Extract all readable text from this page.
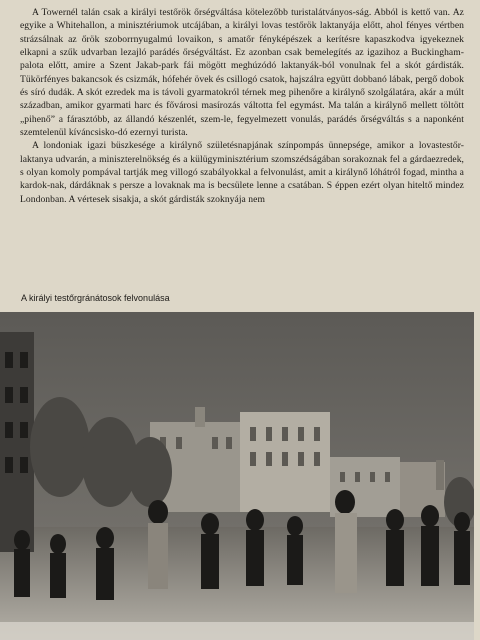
A Towernél talán csak a királyi testőrök őrségváltása kötelezőbb turistalátványos-ság. Abból is kettő van. Az egyike a Whitehallon, a minisztériumok utcájában, a királyi lovas testőrök laktanyája előtt, ahol fényes vértben strázsálnak az őrök szoborrnyugalmú lovaikon, s amatőr fényképészek a kerítésre kapaszkodva igyekeznek elkapni a szűk udvarban lezajló parádés őrségváltást. Ez azonban csak bemelegítés az igazihoz a Buckingham-palota előtt, amire a Szent Jakab-park fái mögött meghúzódó laktanyák-ból vonulnak fel a skót gárdisták. Tükörfényes bakancsok és csizmák, hófehér övek és csillogó csatok, hajszálra együtt dobbanó lábak, pergő dobok és síró dudák. A skót ezredek ma is távoli gyarmatokról térnek meg pihenőre a királynő szolgálatára, akár a múlt században, amikor gyarmati harc és fővárosi masírozás váltotta fel egymást. Ma talán a királynő mellett töltött „pihenő” a fárasztóbb, az állandó készenlét, szem-le, fegyelmezett vonulás, parádés őrségváltás s a naponként szemtelenül kíváncsisko-dó ezernyi turista.

A londoniak igazi büszkesége a királynő születésnapjának színpompás ünnepsége, amikor a lovastestőr-laktanya udvarán, a miniszterelnökség és a külügyminisztérium szomszédságában sorakoznak fel a gárdaezredek, s olyan komoly pompával tartják meg villogó szabályokkal a felvonulást, amit a királynő lóhátról fogad, mintha a kardok-nak, dárdáknak s persze a lovaknak ma is becsülete lenne a csatában. S éppen ezért olyan hiteltő mindez Londonban. A vértesek sisakja, a skót gárdisták szoknyája nem

A királyi testőrgránátosok felvonulása
